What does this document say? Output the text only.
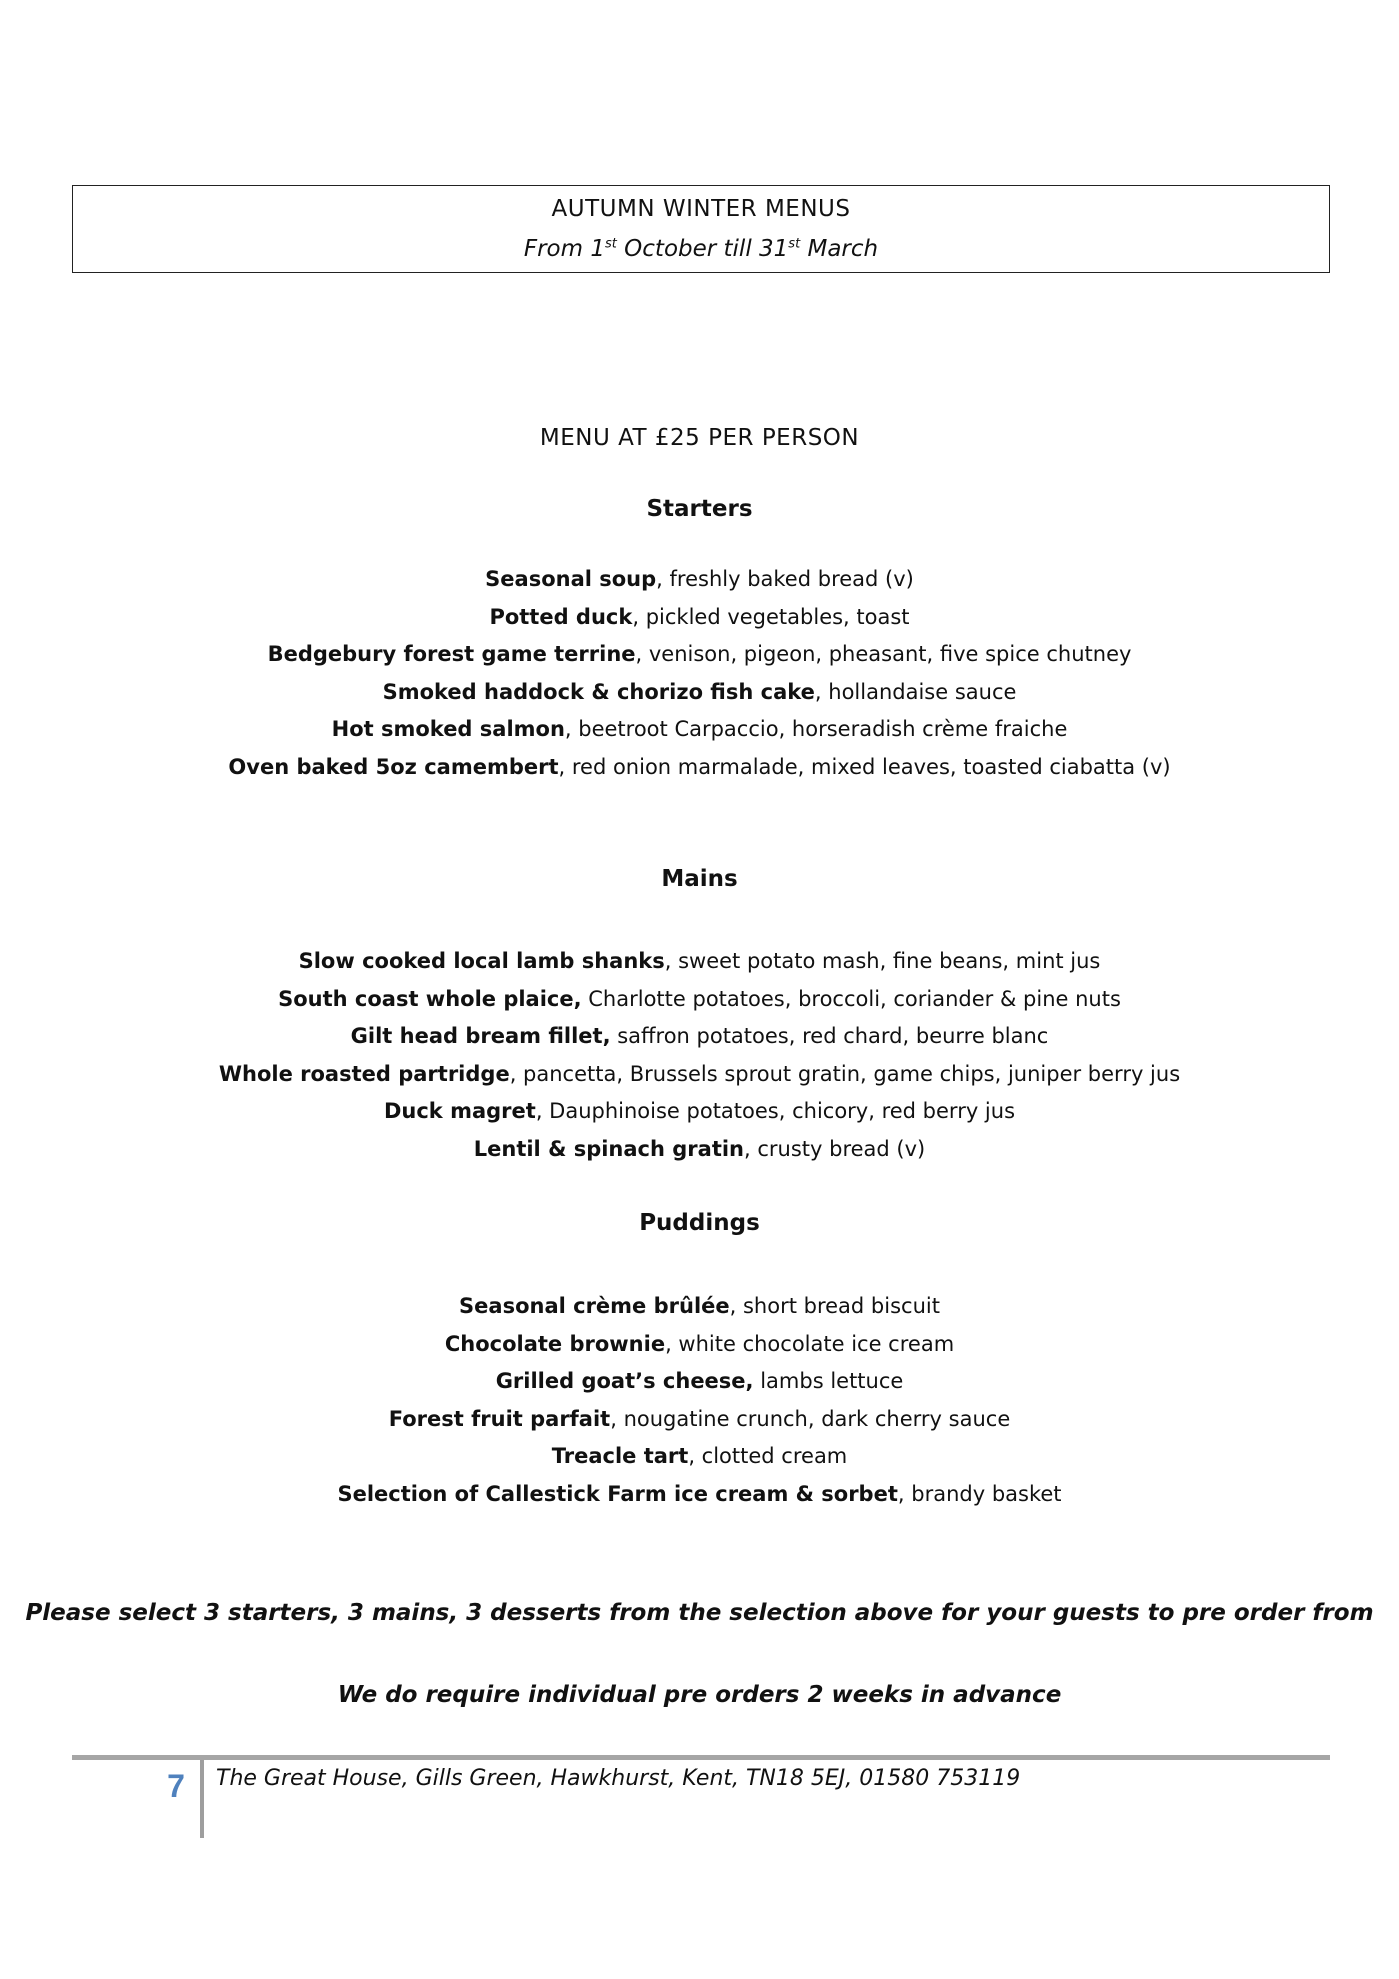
AUTUMN WINTER MENUS
From 1st October till 31st March
MENU AT £25 PER PERSON
Starters
Seasonal soup, freshly baked bread (v)
Potted duck, pickled vegetables, toast
Bedgebury forest game terrine, venison, pigeon, pheasant, five spice chutney
Smoked haddock & chorizo fish cake, hollandaise sauce
Hot smoked salmon, beetroot Carpaccio, horseradish crème fraiche
Oven baked 5oz camembert, red onion marmalade, mixed leaves, toasted ciabatta (v)
Mains
Slow cooked local lamb shanks, sweet potato mash, fine beans, mint jus
South coast whole plaice, Charlotte potatoes, broccoli, coriander & pine nuts
Gilt head bream fillet, saffron potatoes, red chard, beurre blanc
Whole roasted partridge, pancetta, Brussels sprout gratin, game chips, juniper berry jus
Duck magret, Dauphinoise potatoes, chicory, red berry jus
Lentil & spinach gratin, crusty bread (v)
Puddings
Seasonal crème brûlée, short bread biscuit
Chocolate brownie, white chocolate ice cream
Grilled goat’s cheese, lambs lettuce
Forest fruit parfait, nougatine crunch, dark cherry sauce
Treacle tart, clotted cream
Selection of Callestick Farm ice cream & sorbet, brandy basket
Please select 3 starters, 3 mains, 3 desserts from the selection above for your guests to pre order from
We do require individual pre orders 2 weeks in advance
7	The Great House, Gills Green, Hawkhurst, Kent, TN18 5EJ, 01580 753119
